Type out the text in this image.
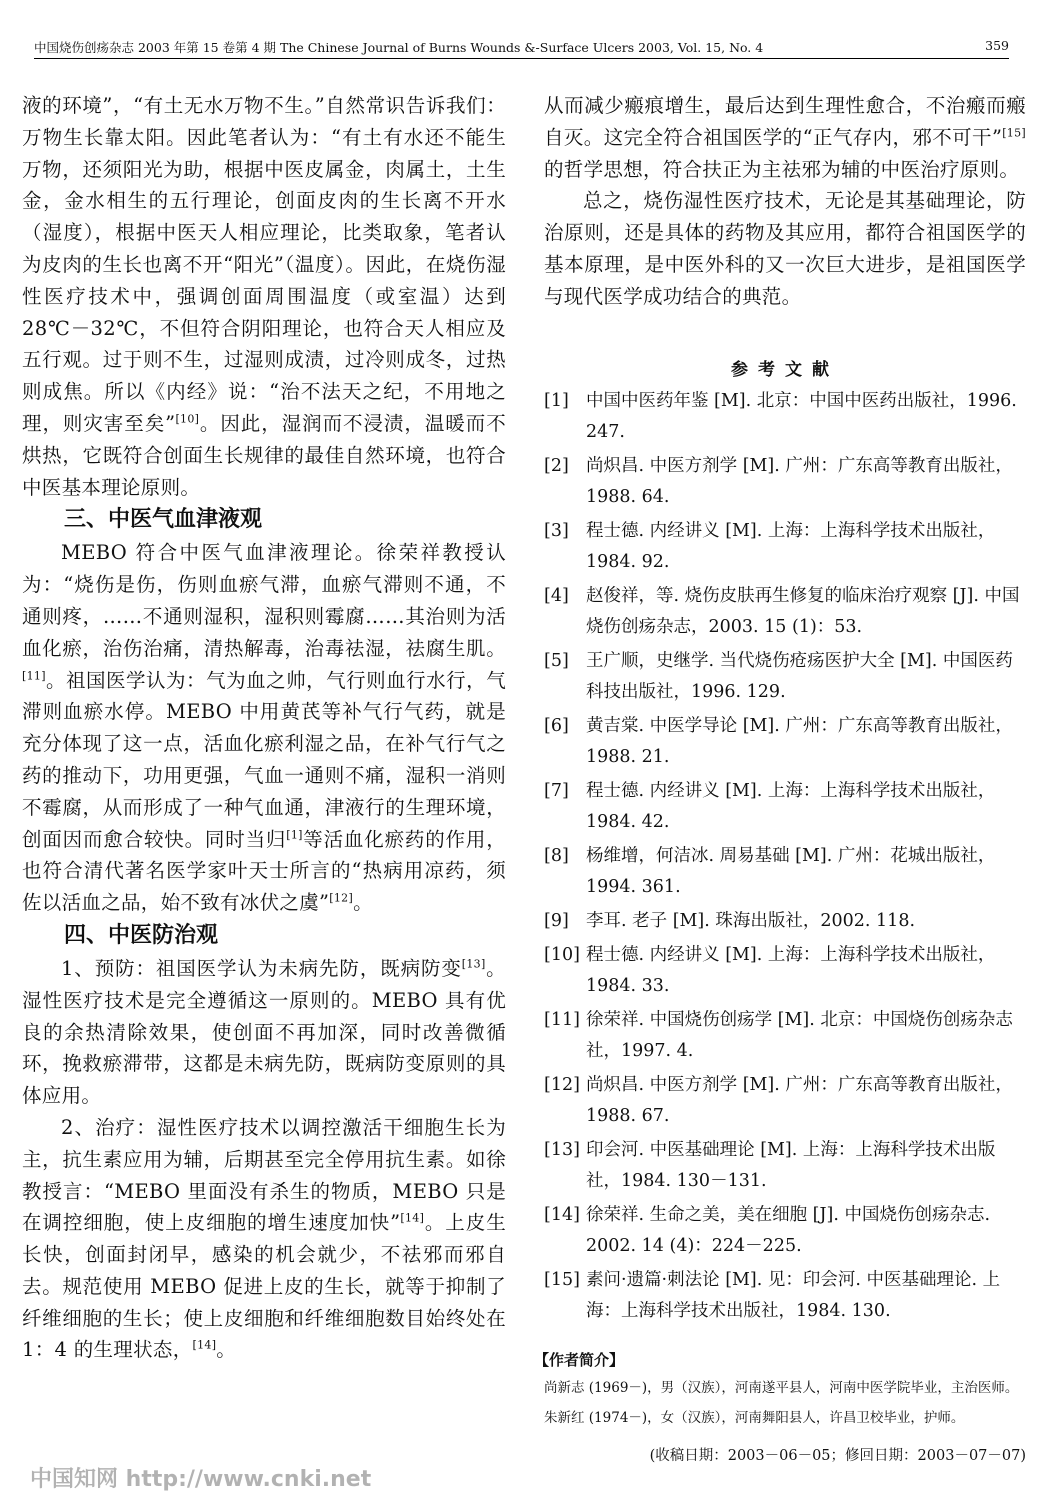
中国烧伤创疡杂志 2003 年第 15 卷第 4 期 The Chinese Journal of Burns Wounds &-Surface Ulcers 2003, Vol. 15, No. 4	359

液的环境”，“有土无水万物不生。”自然常识告诉我们：万物生长靠太阳。因此笔者认为：“有土有水还不能生万物，还须阳光为助，根据中医皮属金，肉属土，土生金，金水相生的五行理论，创面皮肉的生长离不开水（湿度），根据中医天人相应理论，比类取象，笔者认为皮肉的生长也离不开“阳光”（温度）。因此，在烧伤湿性医疗技术中，强调创面周围温度（或室温）达到 28℃－32℃，不但符合阴阳理论，也符合天人相应及五行观。过于则不生，过湿则成渍，过冷则成冬，过热则成焦。所以《内经》说：“治不法天之纪，不用地之理，则灾害至矣”[10]。因此，湿润而不浸渍，温暖而不烘热，它既符合创面生长规律的最佳自然环境，也符合中医基本理论原则。

三、中医气血津液观

MEBO 符合中医气血津液理论。徐荣祥教授认为：“烧伤是伤，伤则血瘀气滞，血瘀气滞则不通，不通则疼，……不通则湿积，湿积则霉腐……其治则为活血化瘀，治伤治痛，清热解毒，治毒祛湿，祛腐生肌。[11]。祖国医学认为：气为血之帅，气行则血行水行，气滞则血瘀水停。MEBO 中用黄芪等补气行气药，就是充分体现了这一点，活血化瘀利湿之品，在补气行气之药的推动下，功用更强，气血一通则不痛，湿积一消则不霉腐，从而形成了一种气血通，津液行的生理环境，创面因而愈合较快。同时当归[1]等活血化瘀药的作用，也符合清代著名医学家叶天士所言的“热病用凉药，须佐以活血之品，始不致有冰伏之虞”[12]。

四、中医防治观

1、预防：祖国医学认为未病先防，既病防变[13]。湿性医疗技术是完全遵循这一原则的。MEBO 具有优良的余热清除效果，使创面不再加深，同时改善微循环，挽救瘀滞带，这都是未病先防，既病防变原则的具体应用。

2、治疗：湿性医疗技术以调控激活干细胞生长为主，抗生素应用为辅，后期甚至完全停用抗生素。如徐教授言：“MEBO 里面没有杀生的物质，MEBO 只是在调控细胞，使上皮细胞的增生速度加快”[14]。上皮生长快，创面封闭早，感染的机会就少，不祛邪而邪自去。规范使用 MEBO 促进上皮的生长，就等于抑制了纤维细胞的生长；使上皮细胞和纤维细胞数目始终处在 1：4 的生理状态，[14]。

从而减少瘢痕增生，最后达到生理性愈合，不治瘢而瘢自灭。这完全符合祖国医学的“正气存内，邪不可干”[15]的哲学思想，符合扶正为主祛邪为辅的中医治疗原则。

总之，烧伤湿性医疗技术，无论是其基础理论，防治原则，还是具体的药物及其应用，都符合祖国医学的基本原理，是中医外科的又一次巨大进步，是祖国医学与现代医学成功结合的典范。

参考文献
[1] 中国中医药年鉴 [M]. 北京：中国中医药出版社，1996. 247.
[2] 尚炽昌. 中医方剂学 [M]. 广州：广东高等教育出版社，1988. 64.
[3] 程士德. 内经讲义 [M]. 上海：上海科学技术出版社，1984. 92.
[4] 赵俊祥，等. 烧伤皮肤再生修复的临床治疗观察 [J]. 中国烧伤创疡杂志，2003. 15 (1)：53.
[5] 王广顺，史继学. 当代烧伤疮疡医护大全 [M]. 中国医药科技出版社，1996. 129.
[6] 黄吉棠. 中医学导论 [M]. 广州：广东高等教育出版社，1988. 21.
[7] 程士德. 内经讲义 [M]. 上海：上海科学技术出版社，1984. 42.
[8] 杨维增，何洁冰. 周易基础 [M]. 广州：花城出版社，1994. 361.
[9] 李耳. 老子 [M]. 珠海出版社，2002. 118.
[10] 程士德. 内经讲义 [M]. 上海：上海科学技术出版社，1984. 33.
[11] 徐荣祥. 中国烧伤创疡学 [M]. 北京：中国烧伤创疡杂志社，1997. 4.
[12] 尚炽昌. 中医方剂学 [M]. 广州：广东高等教育出版社，1988. 67.
[13] 印会河. 中医基础理论 [M]. 上海：上海科学技术出版社，1984. 130－131.
[14] 徐荣祥. 生命之美，美在细胞 [J]. 中国烧伤创疡杂志. 2002. 14 (4)：224－225.
[15] 素问·遗篇·刺法论 [M]. 见：印会河. 中医基础理论. 上海：上海科学技术出版社，1984. 130.
【作者简介】

尚新志 (1969－)，男（汉族），河南遂平县人，河南中医学院毕业，主治医师。

朱新红 (1974－)，女（汉族），河南舞阳县人，许昌卫校毕业，护师。

(收稿日期：2003－06－05；修回日期：2003－07－07)
中国知网 http://www.cnki.net
